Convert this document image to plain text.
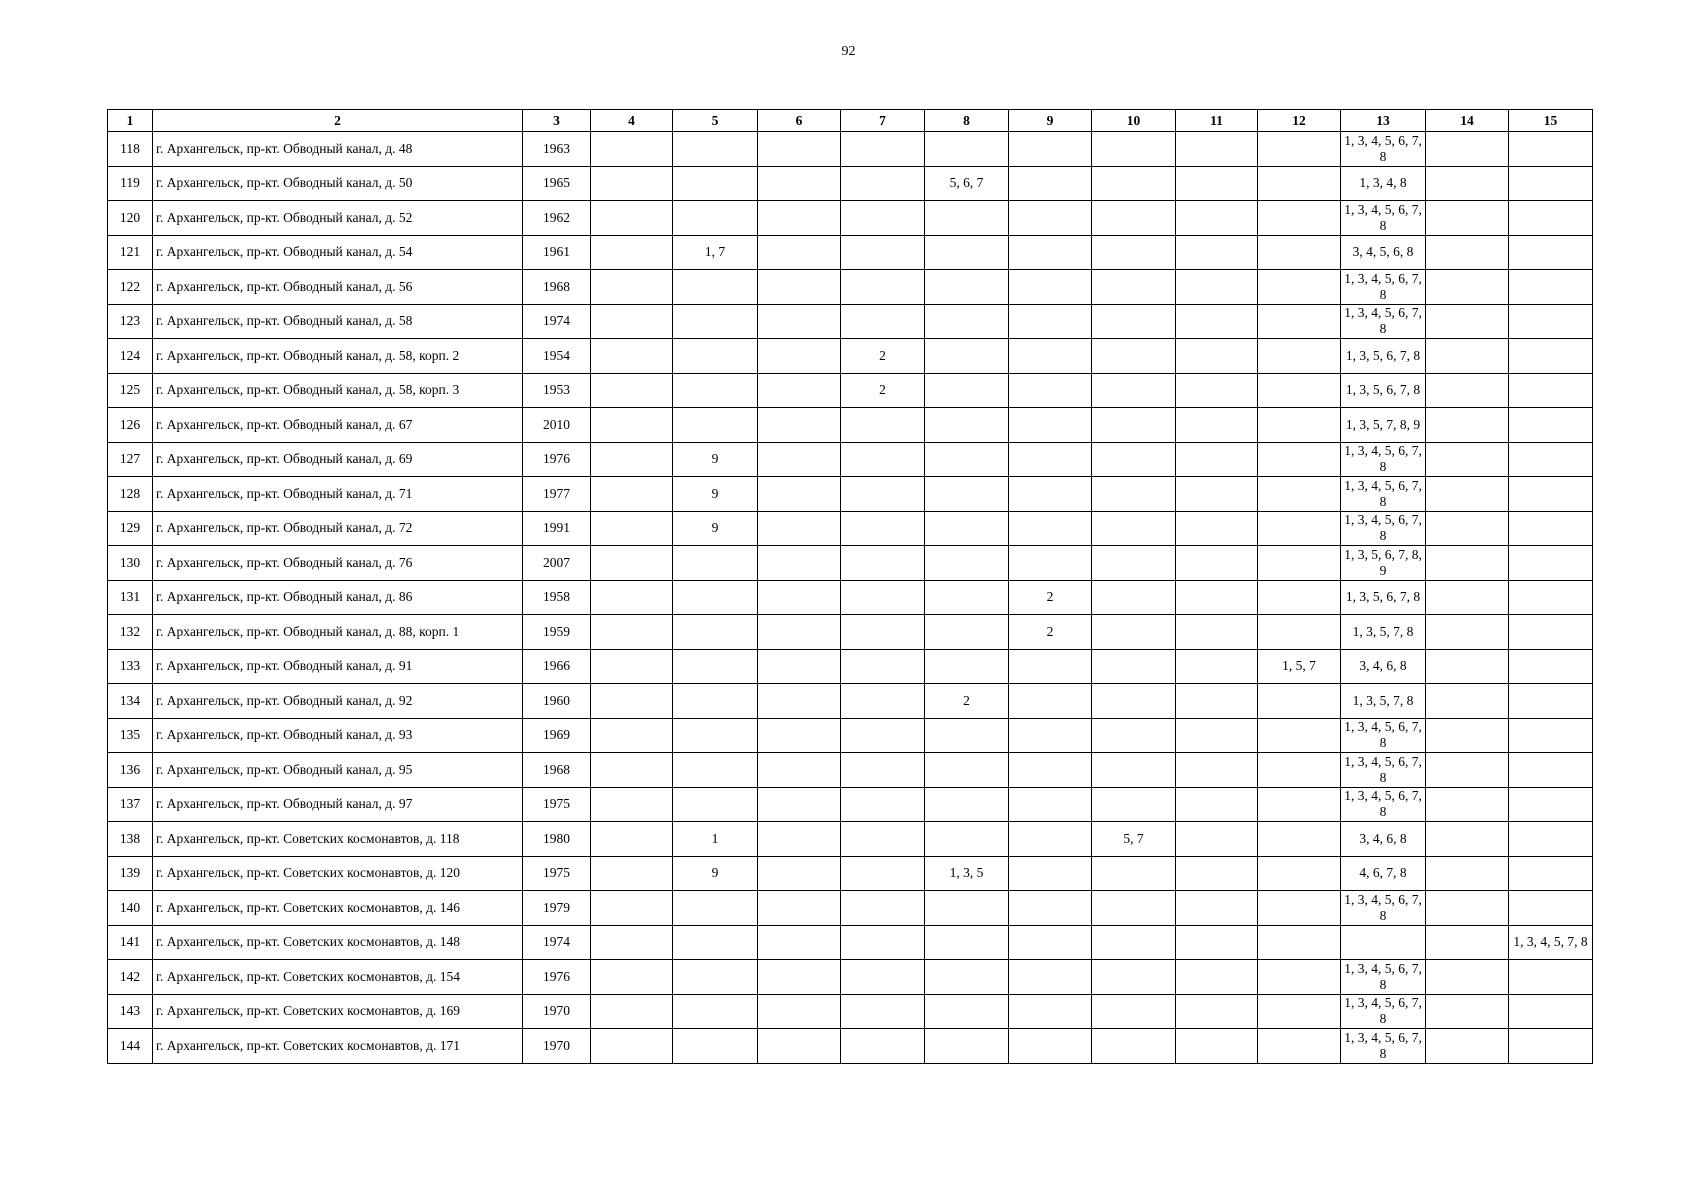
92
1	2	3	4	5	6	7	8	9	10	11	12	13	14	15
118	г. Архангельск, пр-кт. Обводный канал, д. 48	1963										1, 3, 4, 5, 6, 7, 8		
119	г. Архангельск, пр-кт. Обводный канал, д. 50	1965					5, 6, 7					1, 3, 4, 8		
120	г. Архангельск, пр-кт. Обводный канал, д. 52	1962										1, 3, 4, 5, 6, 7, 8		
121	г. Архангельск, пр-кт. Обводный канал, д. 54	1961		1, 7								3, 4, 5, 6, 8		
122	г. Архангельск, пр-кт. Обводный канал, д. 56	1968										1, 3, 4, 5, 6, 7, 8		
123	г. Архангельск, пр-кт. Обводный канал, д. 58	1974										1, 3, 4, 5, 6, 7, 8		
124	г. Архангельск, пр-кт. Обводный канал, д. 58, корп. 2	1954				2						1, 3, 5, 6, 7, 8		
125	г. Архангельск, пр-кт. Обводный канал, д. 58, корп. 3	1953				2						1, 3, 5, 6, 7, 8		
126	г. Архангельск, пр-кт. Обводный канал, д. 67	2010										1, 3, 5, 7, 8, 9		
127	г. Архангельск, пр-кт. Обводный канал, д. 69	1976		9								1, 3, 4, 5, 6, 7, 8		
128	г. Архангельск, пр-кт. Обводный канал, д. 71	1977		9								1, 3, 4, 5, 6, 7, 8		
129	г. Архангельск, пр-кт. Обводный канал, д. 72	1991		9								1, 3, 4, 5, 6, 7, 8		
130	г. Архангельск, пр-кт. Обводный канал, д. 76	2007										1, 3, 5, 6, 7, 8, 9		
131	г. Архангельск, пр-кт. Обводный канал, д. 86	1958						2				1, 3, 5, 6, 7, 8		
132	г. Архангельск, пр-кт. Обводный канал, д. 88, корп. 1	1959						2				1, 3, 5, 7, 8		
133	г. Архангельск, пр-кт. Обводный канал, д. 91	1966									1, 5, 7	3, 4, 6, 8		
134	г. Архангельск, пр-кт. Обводный канал, д. 92	1960					2					1, 3, 5, 7, 8		
135	г. Архангельск, пр-кт. Обводный канал, д. 93	1969										1, 3, 4, 5, 6, 7, 8		
136	г. Архангельск, пр-кт. Обводный канал, д. 95	1968										1, 3, 4, 5, 6, 7, 8		
137	г. Архангельск, пр-кт. Обводный канал, д. 97	1975										1, 3, 4, 5, 6, 7, 8		
138	г. Архангельск, пр-кт. Советских космонавтов, д. 118	1980		1					5, 7			3, 4, 6, 8		
139	г. Архангельск, пр-кт. Советских космонавтов, д. 120	1975		9			1, 3, 5					4, 6, 7, 8		
140	г. Архангельск, пр-кт. Советских космонавтов, д. 146	1979										1, 3, 4, 5, 6, 7, 8		
141	г. Архангельск, пр-кт. Советских космонавтов, д. 148	1974												1, 3, 4, 5, 7, 8
142	г. Архангельск, пр-кт. Советских космонавтов, д. 154	1976										1, 3, 4, 5, 6, 7, 8		
143	г. Архангельск, пр-кт. Советских космонавтов, д. 169	1970										1, 3, 4, 5, 6, 7, 8		
144	г. Архангельск, пр-кт. Советских космонавтов, д. 171	1970										1, 3, 4, 5, 6, 7, 8		
